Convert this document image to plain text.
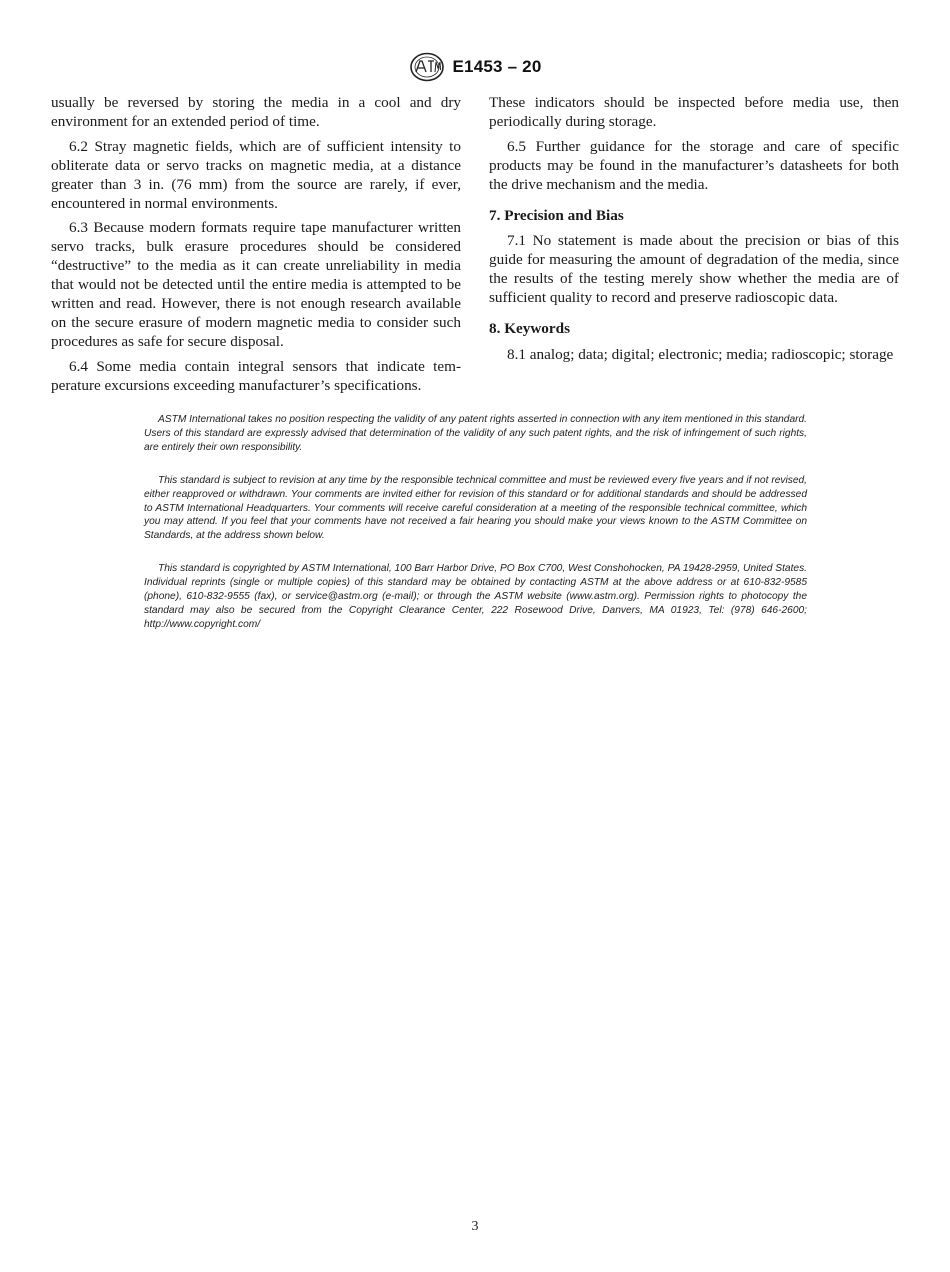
E1453 – 20

usually be reversed by storing the media in a cool and dry environment for an extended period of time.

6.2 Stray magnetic fields, which are of sufficient intensity to obliterate data or servo tracks on magnetic media, at a distance greater than 3 in. (76 mm) from the source are rarely, if ever, encountered in normal environments.

6.3 Because modern formats require tape manufacturer written servo tracks, bulk erasure procedures should be considered “destructive” to the media as it can create unreliability in media that would not be detected until the entire media is attempted to be written and read. However, there is not enough research available on the secure erasure of modern magnetic media to consider such procedures as safe for secure disposal.

6.4 Some media contain integral sensors that indicate temperature excursions exceeding manufacturer’s specifications.

These indicators should be inspected before media use, then periodically during storage.

6.5 Further guidance for the storage and care of specific products may be found in the manufacturer’s datasheets for both the drive mechanism and the media.

7. Precision and Bias

7.1 No statement is made about the precision or bias of this guide for measuring the amount of degradation of the media, since the results of the testing merely show whether the media are of sufficient quality to record and preserve radioscopic data.

8. Keywords

8.1 analog; data; digital; electronic; media; radioscopic; storage

ASTM International takes no position respecting the validity of any patent rights asserted in connection with any item mentioned in this standard. Users of this standard are expressly advised that determination of the validity of any such patent rights, and the risk of infringement of such rights, are entirely their own responsibility.

This standard is subject to revision at any time by the responsible technical committee and must be reviewed every five years and if not revised, either reapproved or withdrawn. Your comments are invited either for revision of this standard or for additional standards and should be addressed to ASTM International Headquarters. Your comments will receive careful consideration at a meeting of the responsible technical committee, which you may attend. If you feel that your comments have not received a fair hearing you should make your views known to the ASTM Committee on Standards, at the address shown below.

This standard is copyrighted by ASTM International, 100 Barr Harbor Drive, PO Box C700, West Conshohocken, PA 19428-2959, United States. Individual reprints (single or multiple copies) of this standard may be obtained by contacting ASTM at the above address or at 610-832-9585 (phone), 610-832-9555 (fax), or service@astm.org (e-mail); or through the ASTM website (www.astm.org). Permission rights to photocopy the standard may also be secured from the Copyright Clearance Center, 222 Rosewood Drive, Danvers, MA 01923, Tel: (978) 646-2600; http://www.copyright.com/

3
